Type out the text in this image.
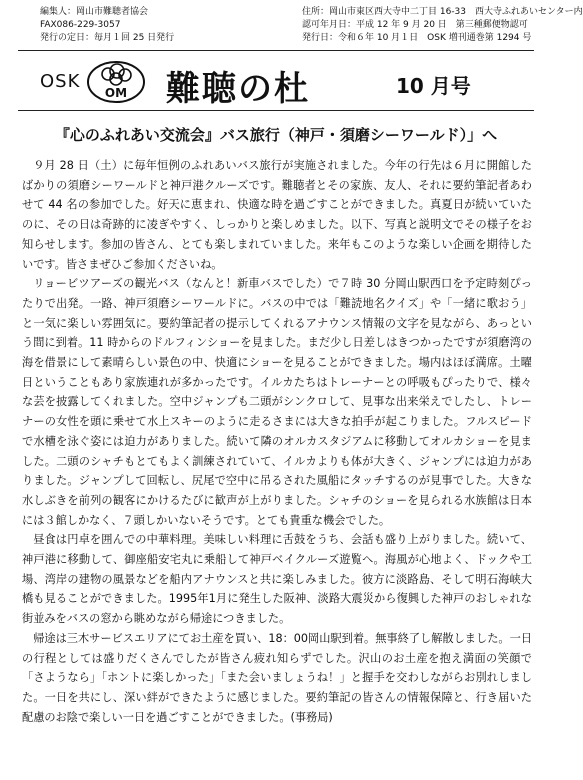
編集人：岡山市難聴者協会	住所：岡山市東区西大寺中二丁目 16-33　西大寺ふれあいセンター内
FAX086-229-3057	認可年月日：平成 12 年 9 月 20 日　第三種郵便物認可
発行の定日：毎月１回 25 日発行	発行日：令和６年 10 月１日　OSK 増刊通巻第 1294 号
OSK
OM 難聴の杜	10 月号
『心のふれあい交流会』バス旅行（神戸・須磨シーワールド）」へ

９月 28 日（土）に毎年恒例のふれあいバス旅行が実施されました。今年の行先は６月に開館したばかりの須磨シーワールドと神戸港クルーズです。難聴者とその家族、友人、それに要約筆記者あわせて 44 名の参加でした。好天に恵まれ、快適な時を過ごすことができました。真夏日が続いていたのに、その日は奇跡的に凌ぎやすく、しっかりと楽しめました。以下、写真と説明文でその様子をお知らせします。参加の皆さん、とても楽しまれていました。来年もこのような楽しい企画を期待したいです。皆さまぜひご参加くださいね。

リョービツアーズの観光バス（なんと！新車バスでした）で７時 30 分岡山駅西口を予定時刻ぴったりで出発。一路、神戸須磨シーワールドに。バスの中では「難読地名クイズ」や「一緒に歌おう」と一気に楽しい雰囲気に。要約筆記者の提示してくれるアナウンス情報の文字を見ながら、あっという間に到着。11 時からのドルフィンショーを見ました。まだ少し日差しはきつかったですが須磨湾の海を借景にして素晴らしい景色の中、快適にショーを見ることができました。場内はほぼ満席。土曜日ということもあり家族連れが多かったです。イルカたちはトレーナーとの呼吸もぴったりで、様々な芸を披露してくれました。空中ジャンプも二頭がシンクロして、見事な出来栄えでしたし、トレーナーの女性を頭に乗せて水上スキーのように走るさまには大きな拍手が起こりました。フルスピードで水槽を泳ぐ姿には迫力がありました。続いて隣のオルカスタジアムに移動してオルカショーを見ました。二頭のシャチもとてもよく訓練されていて、イルカよりも体が大きく、ジャンプには迫力がありました。ジャンプして回転し、尻尾で空中に吊るされた風船にタッチするのが見事でした。大きな水しぶきを前列の観客にかけるたびに歓声が上がりました。シャチのショーを見られる水族館は日本には３館しかなく、７頭しかいないそうです。とても貴重な機会でした。

昼食は円卓を囲んでの中華料理。美味しい料理に舌鼓をうち、会話も盛り上がりました。続いて、神戸港に移動して、御座船安宅丸に乗船して神戸ベイクルーズ遊覧へ。海風が心地よく、ドックや工場、湾岸の建物の風景などを船内アナウンスと共に楽しみました。彼方に淡路島、そして明石海峡大橋も見ることができました。1995年1月に発生した阪神、淡路大震災から復興した神戸のおしゃれな街並みをバスの窓から眺めながら帰途につきました。

帰途は三木サービスエリアにてお土産を買い、18：00岡山駅到着。無事終了し解散しました。一日の行程としては盛りだくさんでしたが皆さん疲れ知らずでした。沢山のお土産を抱え満面の笑顔で「さようなら」「ホントに楽しかった」「また会いましょうね！」と握手を交わしながらお別れしました。一日を共にし、深い絆ができたように感じました。要約筆記の皆さんの情報保障と、行き届いた配慮のお陰で楽しい一日を過ごすことができました。(事務局)
